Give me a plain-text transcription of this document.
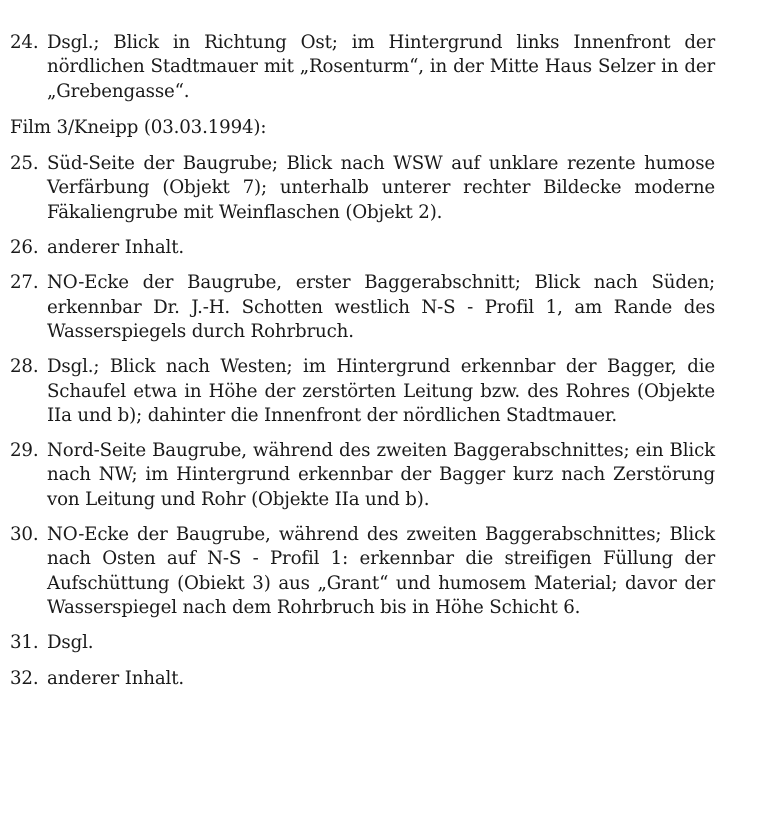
24. Dsgl.; Blick in Richtung Ost; im Hintergrund links Innenfront der nördlichen Stadtmauer mit „Rosenturm“, in der Mitte Haus Selzer in der „Grebengasse“.
Film 3/Kneipp (03.03.1994):
25. Süd-Seite der Baugrube; Blick nach WSW auf unklare rezente humose Verfärbung (Objekt 7); unterhalb unterer rechter Bildecke moderne Fäkaliengrube mit Weinflaschen (Objekt 2).
26. anderer Inhalt.
27. NO-Ecke der Baugrube, erster Baggerabschnitt; Blick nach Süden; erkennbar Dr. J.-H. Schotten westlich N-S - Profil 1, am Rande des Wasserspiegels durch Rohrbruch.
28. Dsgl.; Blick nach Westen; im Hintergrund erkennbar der Bagger, die Schaufel etwa in Höhe der zerstörten Leitung bzw. des Rohres (Objekte IIa und b); dahinter die Innenfront der nördlichen Stadtmauer.
29. Nord-Seite Baugrube, während des zweiten Baggerabschnittes; ein Blick nach NW; im Hintergrund erkennbar der Bagger kurz nach Zerstörung von Leitung und Rohr (Objekte IIa und b).
30. NO-Ecke der Baugrube, während des zweiten Baggerabschnittes; Blick nach Osten auf N-S - Profil 1: erkennbar die streifigen Füllung der Aufschüttung (Obiekt 3) aus „Grant“ und humosem Material; davor der Wasserspiegel nach dem Rohrbruch bis in Höhe Schicht 6.
31. Dsgl.
32. anderer Inhalt.
